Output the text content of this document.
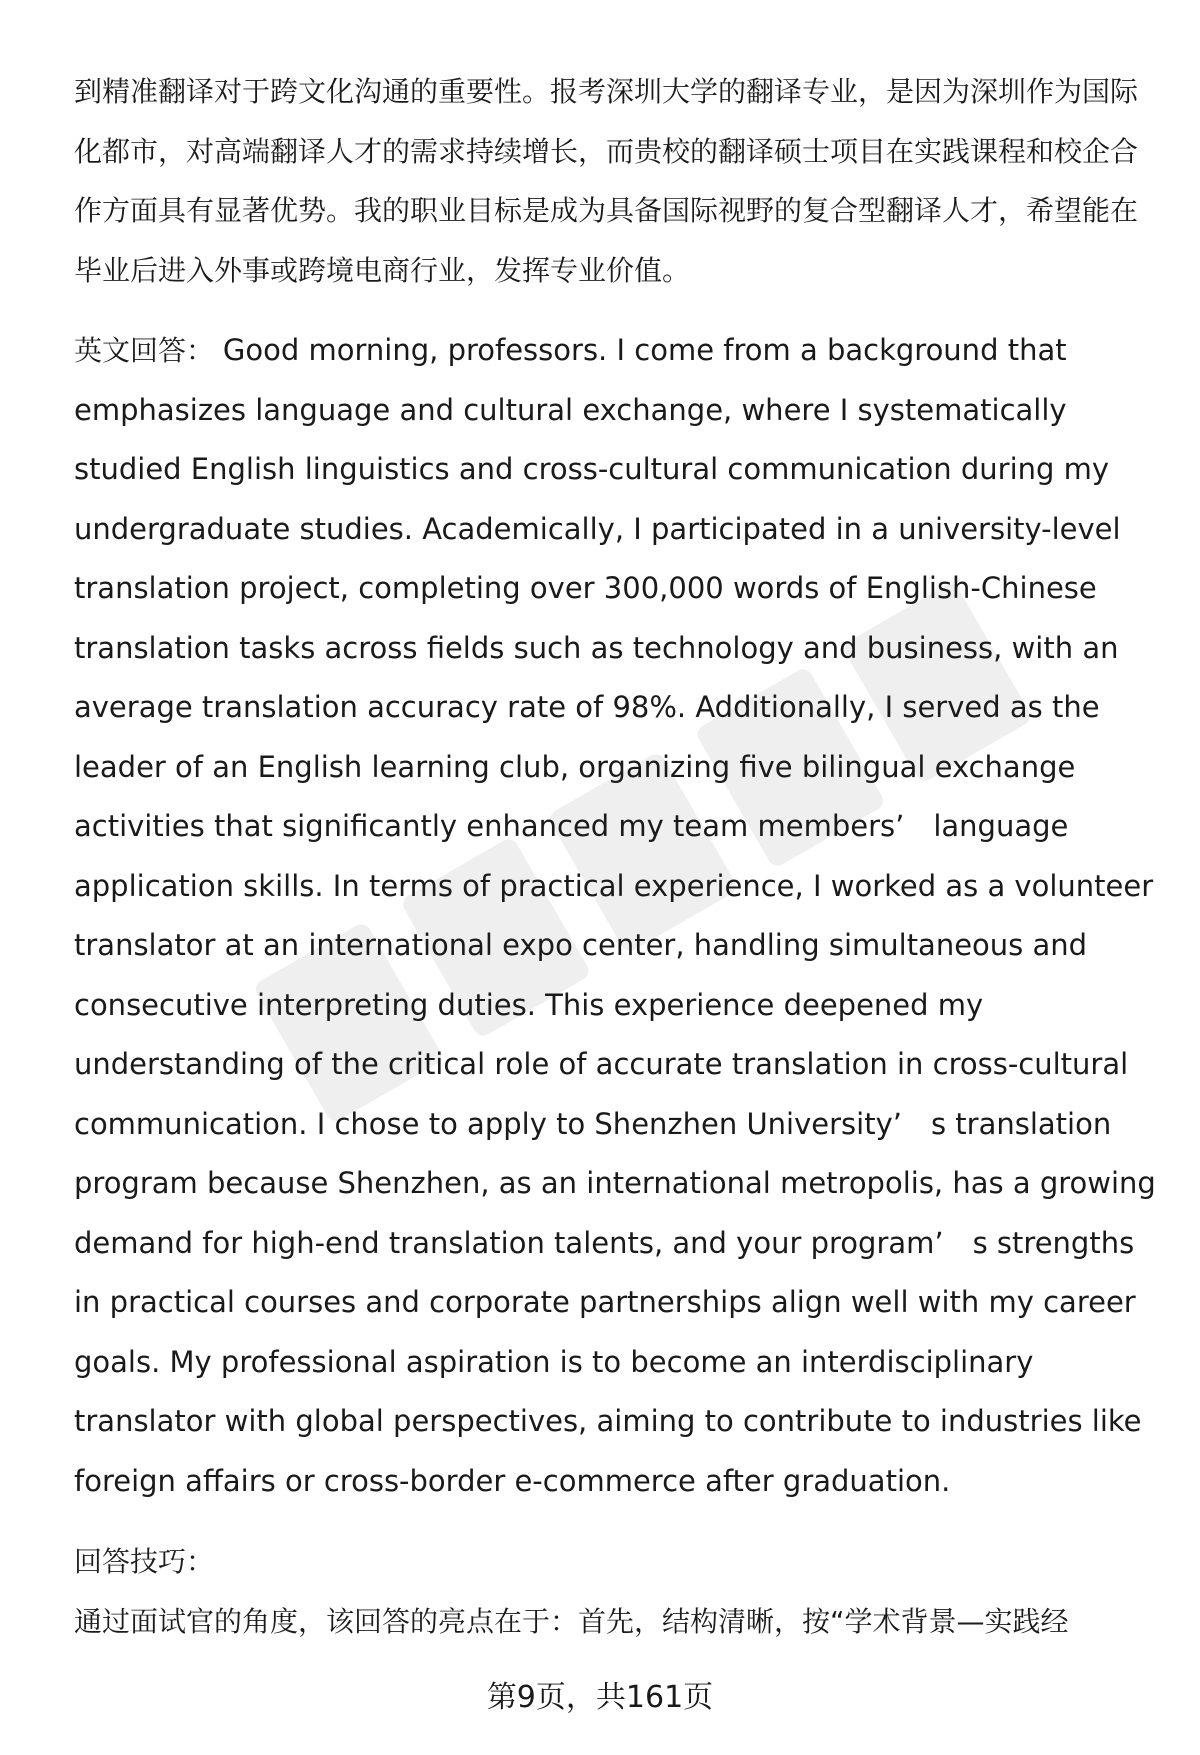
到精准翻译对于跨文化沟通的重要性。报考深圳大学的翻译专业，是因为深圳作为国际化都市，对高端翻译人才的需求持续增长，而贵校的翻译硕士项目在实践课程和校企合作方面具有显著优势。我的职业目标是成为具备国际视野的复合型翻译人才，希望能在毕业后进入外事或跨境电商行业，发挥专业价值。

英文回答： Good morning, professors. I come from a background that emphasizes language and cultural exchange, where I systematically studied English linguistics and cross-cultural communication during my undergraduate studies. Academically, I participated in a university-level translation project, completing over 300,000 words of English-Chinese translation tasks across fields such as technology and business, with an average translation accuracy rate of 98%. Additionally, I served as the leader of an English learning club, organizing five bilingual exchange activities that significantly enhanced my team members’　language application skills. In terms of practical experience, I worked as a volunteer translator at an international expo center, handling simultaneous and consecutive interpreting duties. This experience deepened my understanding of the critical role of accurate translation in cross-cultural communication. I chose to apply to Shenzhen University’　s translation program because Shenzhen, as an international metropolis, has a growing demand for high-end translation talents, and your program’　s strengths in practical courses and corporate partnerships align well with my career goals. My professional aspiration is to become an interdisciplinary translator with global perspectives, aiming to contribute to industries like foreign affairs or cross-border e-commerce after graduation.

回答技巧：

通过面试官的角度，该回答的亮点在于：首先，结构清晰，按“学术背景—实践经

第9页，共161页
